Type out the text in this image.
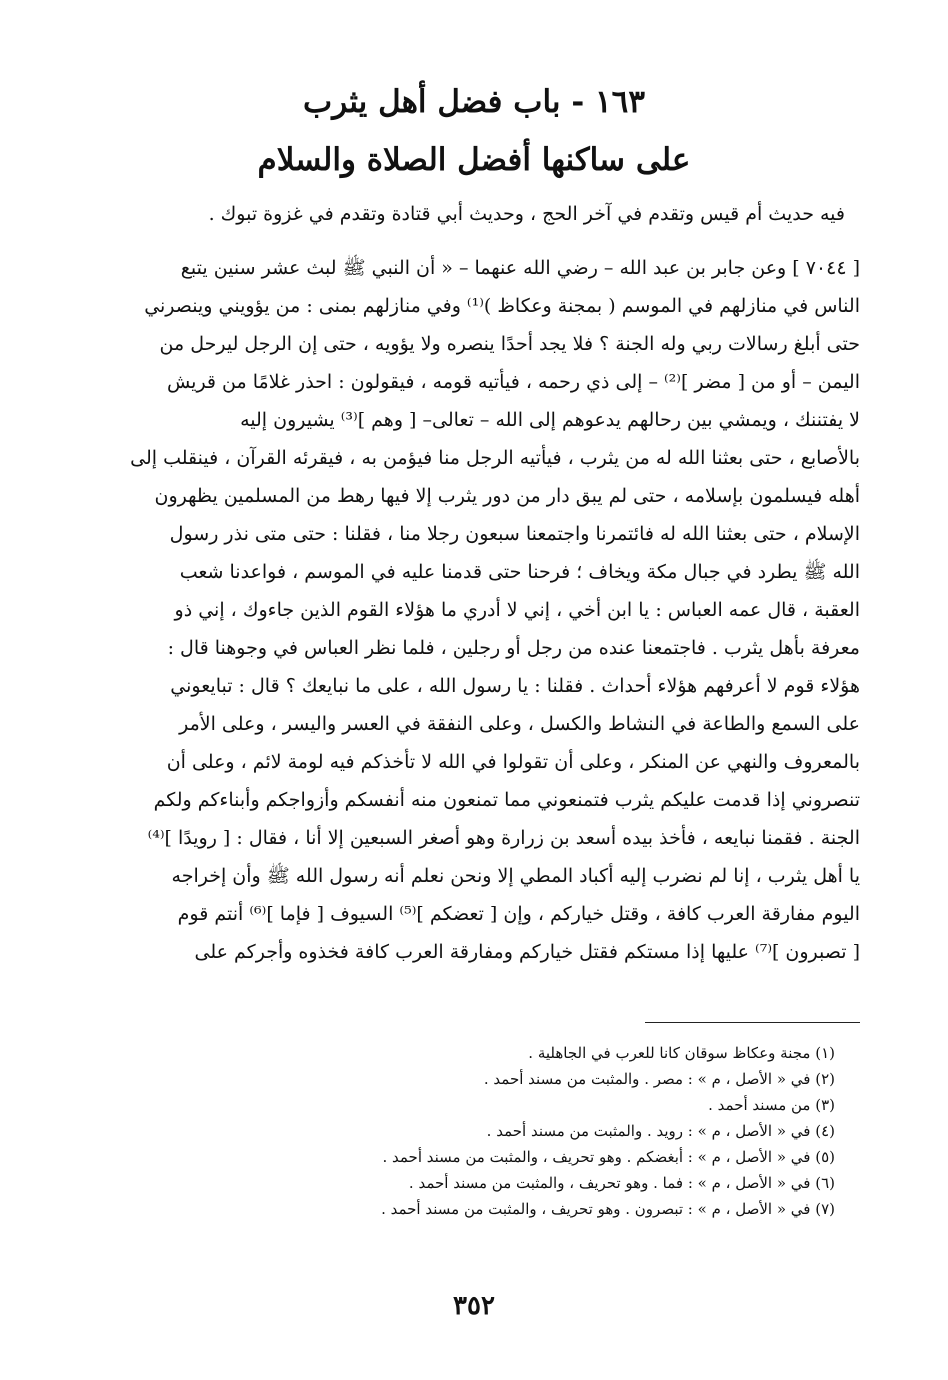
١٦٣ - باب فضل أهل يثرب
على ساكنها أفضل الصلاة والسلام
فيه حديث أم قيس وتقدم في آخر الحج ، وحديث أبي قتادة وتقدم في غزوة تبوك .
[ ٧٠٤٤ ] وعن جابر بن عبد الله – رضي الله عنهما – « أن النبي ﷺ لبث عشر سنين يتبع
الناس في منازلهم في الموسم ( بمجنة وعكاظ )⁽¹⁾ وفي منازلهم بمنى : من يؤويني وينصرني
حتى أبلغ رسالات ربي وله الجنة ؟ فلا يجد أحدًا ينصره ولا يؤويه ، حتى إن الرجل ليرحل من
اليمن – أو من [ مضر ]⁽²⁾ – إلى ذي رحمه ، فيأتيه قومه ، فيقولون : احذر غلامًا من قريش
لا يفتننك ، ويمشي بين رحالهم يدعوهم إلى الله – تعالى– [ وهم ]⁽³⁾ يشيرون إليه
بالأصابع ، حتى بعثنا الله له من يثرب ، فيأتيه الرجل منا فيؤمن به ، فيقرئه القرآن ، فينقلب إلى
أهله فيسلمون بإسلامه ، حتى لم يبق دار من دور يثرب إلا فيها رهط من المسلمين يظهرون
الإسلام ، حتى بعثنا الله له فائتمرنا واجتمعنا سبعون رجلا منا ، فقلنا : حتى متى نذر رسول
الله ﷺ يطرد في جبال مكة ويخاف ؛ فرحنا حتى قدمنا عليه في الموسم ، فواعدنا شعب
العقبة ، قال عمه العباس : يا ابن أخي ، إني لا أدري ما هؤلاء القوم الذين جاءوك ، إني ذو
معرفة بأهل يثرب . فاجتمعنا عنده من رجل أو رجلين ، فلما نظر العباس في وجوهنا قال :
هؤلاء قوم لا أعرفهم هؤلاء أحداث . فقلنا : يا رسول الله ، على ما نبايعك ؟ قال : تبايعوني
على السمع والطاعة في النشاط والكسل ، وعلى النفقة في العسر واليسر ، وعلى الأمر
بالمعروف والنهي عن المنكر ، وعلى أن تقولوا في الله لا تأخذكم فيه لومة لائم ، وعلى أن
تنصروني إذا قدمت عليكم يثرب فتمنعوني مما تمنعون منه أنفسكم وأزواجكم وأبناءكم ولكم
الجنة . فقمنا نبايعه ، فأخذ بيده أسعد بن زرارة وهو أصغر السبعين إلا أنا ، فقال : [ رويدًا ]⁽⁴⁾
يا أهل يثرب ، إنا لم نضرب إليه أكباد المطي إلا ونحن نعلم أنه رسول الله ﷺ وأن إخراجه
اليوم مفارقة العرب كافة ، وقتل خياركم ، وإن [ تعضكم ]⁽⁵⁾ السيوف [ فإما ]⁽⁶⁾ أنتم قوم
[ تصبرون ]⁽⁷⁾ عليها إذا مستكم فقتل خياركم ومفارقة العرب كافة فخذوه وأجركم على
(١) مجنة وعكاظ سوقان كانا للعرب في الجاهلية .
(٢) في « الأصل ، م » : مصر . والمثبت من مسند أحمد .
(٣) من مسند أحمد .
(٤) في « الأصل ، م » : رويد . والمثبت من مسند أحمد .
(٥) في « الأصل ، م » : أبغضكم . وهو تحريف ، والمثبت من مسند أحمد .
(٦) في « الأصل ، م » : فما . وهو تحريف ، والمثبت من مسند أحمد .
(٧) في « الأصل ، م » : تبصرون . وهو تحريف ، والمثبت من مسند أحمد .
٣٥٢
